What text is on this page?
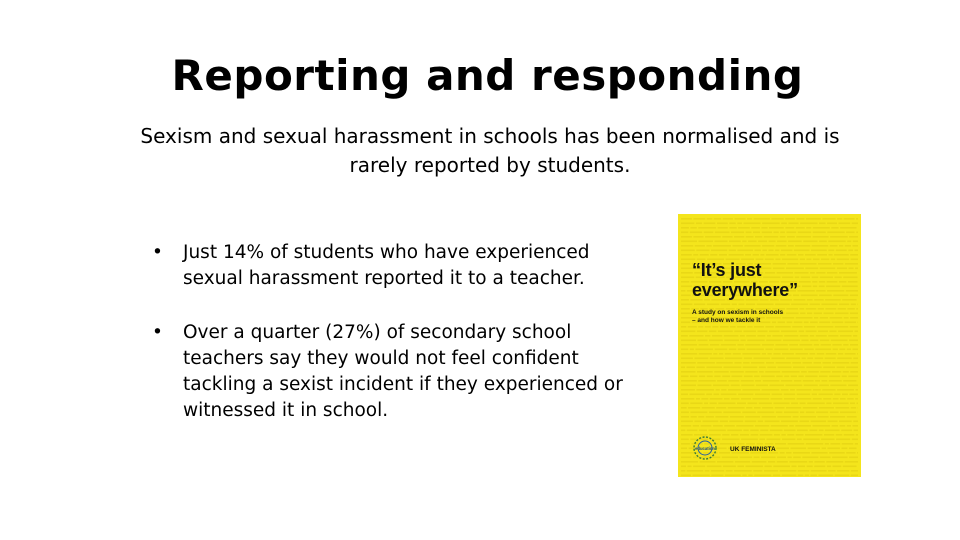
Reporting and responding
Sexism and sexual harassment in schools has been normalised and is
rarely reported by students.
• Just 14% of students who have experienced
sexual harassment reported it to a teacher.
• Over a quarter (27%) of secondary school
teachers say they would not feel confident
tackling a sexist incident if they experienced or
witnessed it in school.
“It’s just
everywhere”
A study on sexism in schools
– and how we tackle it
education UK FEMINISTA
